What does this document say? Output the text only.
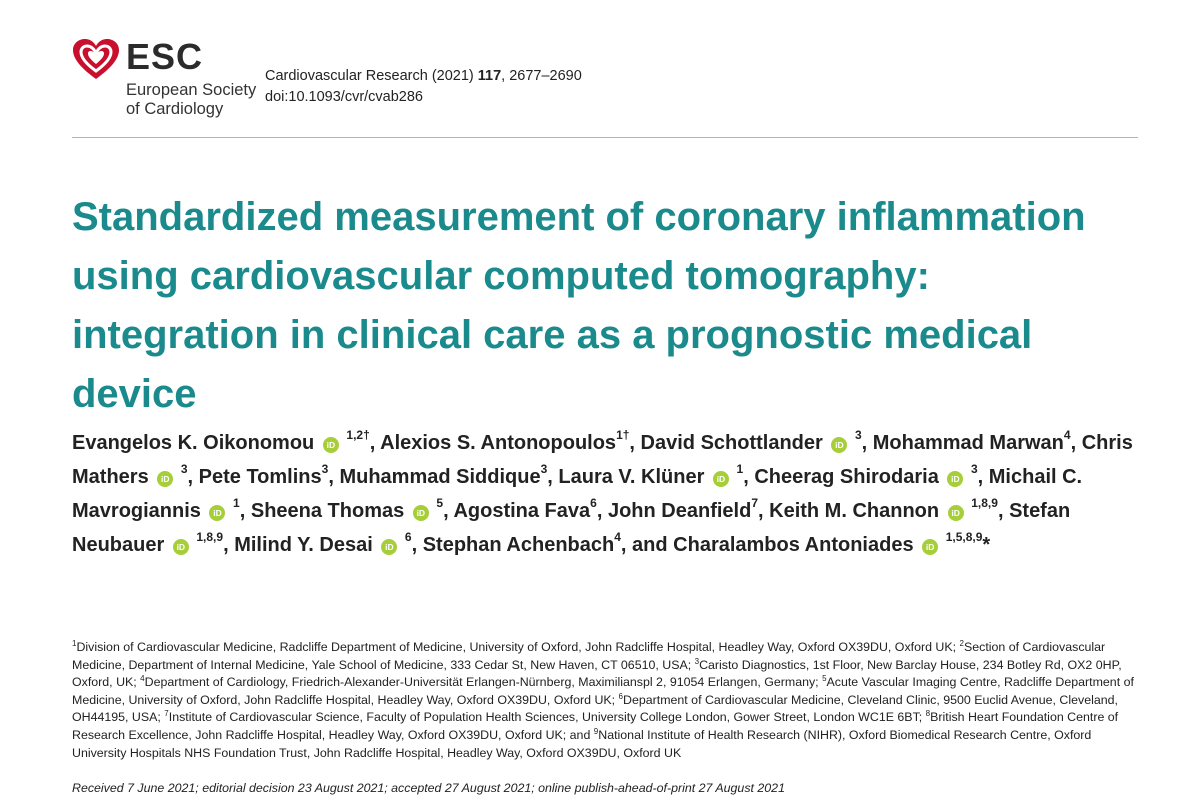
ESC
European Society
of Cardiology
Cardiovascular Research (2021) 117, 2677–2690
doi:10.1093/cvr/cvab286
Standardized measurement of coronary inflammation using cardiovascular computed tomography: integration in clinical care as a prognostic medical device

Evangelos K. Oikonomou iD $^{1,2\dagger}$, Alexios S. Antonopoulos$^{1\dagger}$, David Schottlander iD $^3$, Mohammad Marwan$^4$, Chris Mathers iD $^3$, Pete Tomlins$^3$, Muhammad Siddique$^3$, Laura V. Klüner iD $^1$, Cheerag Shirodaria iD $^3$, Michail C. Mavrogiannis iD $^1$, Sheena Thomas iD $^5$, Agostina Fava$^6$, John Deanfield$^7$, Keith M. Channon iD $^{1,8,9}$, Stefan Neubauer iD $^{1,8,9}$, Milind Y. Desai iD $^6$, Stephan Achenbach$^4$, and Charalambos Antoniades iD $^{1,5,8,9}$*

$^1$Division of Cardiovascular Medicine, Radcliffe Department of Medicine, University of Oxford, John Radcliffe Hospital, Headley Way, Oxford OX39DU, Oxford UK; $^2$Section of Cardiovascular Medicine, Department of Internal Medicine, Yale School of Medicine, 333 Cedar St, New Haven, CT 06510, USA; $^3$Caristo Diagnostics, 1st Floor, New Barclay House, 234 Botley Rd, OX2 0HP, Oxford, UK; $^4$Department of Cardiology, Friedrich-Alexander-Universität Erlangen-Nürnberg, Maximilianspl 2, 91054 Erlangen, Germany; $^5$Acute Vascular Imaging Centre, Radcliffe Department of Medicine, University of Oxford, John Radcliffe Hospital, Headley Way, Oxford OX39DU, Oxford UK; $^6$Department of Cardiovascular Medicine, Cleveland Clinic, 9500 Euclid Avenue, Cleveland, OH44195, USA; $^7$Institute of Cardiovascular Science, Faculty of Population Health Sciences, University College London, Gower Street, London WC1E 6BT; $^8$British Heart Foundation Centre of Research Excellence, John Radcliffe Hospital, Headley Way, Oxford OX39DU, Oxford UK; and $^9$National Institute of Health Research (NIHR), Oxford Biomedical Research Centre, Oxford University Hospitals NHS Foundation Trust, John Radcliffe Hospital, Headley Way, Oxford OX39DU, Oxford UK

Received 7 June 2021; editorial decision 23 August 2021; accepted 27 August 2021; online publish-ahead-of-print 27 August 2021
